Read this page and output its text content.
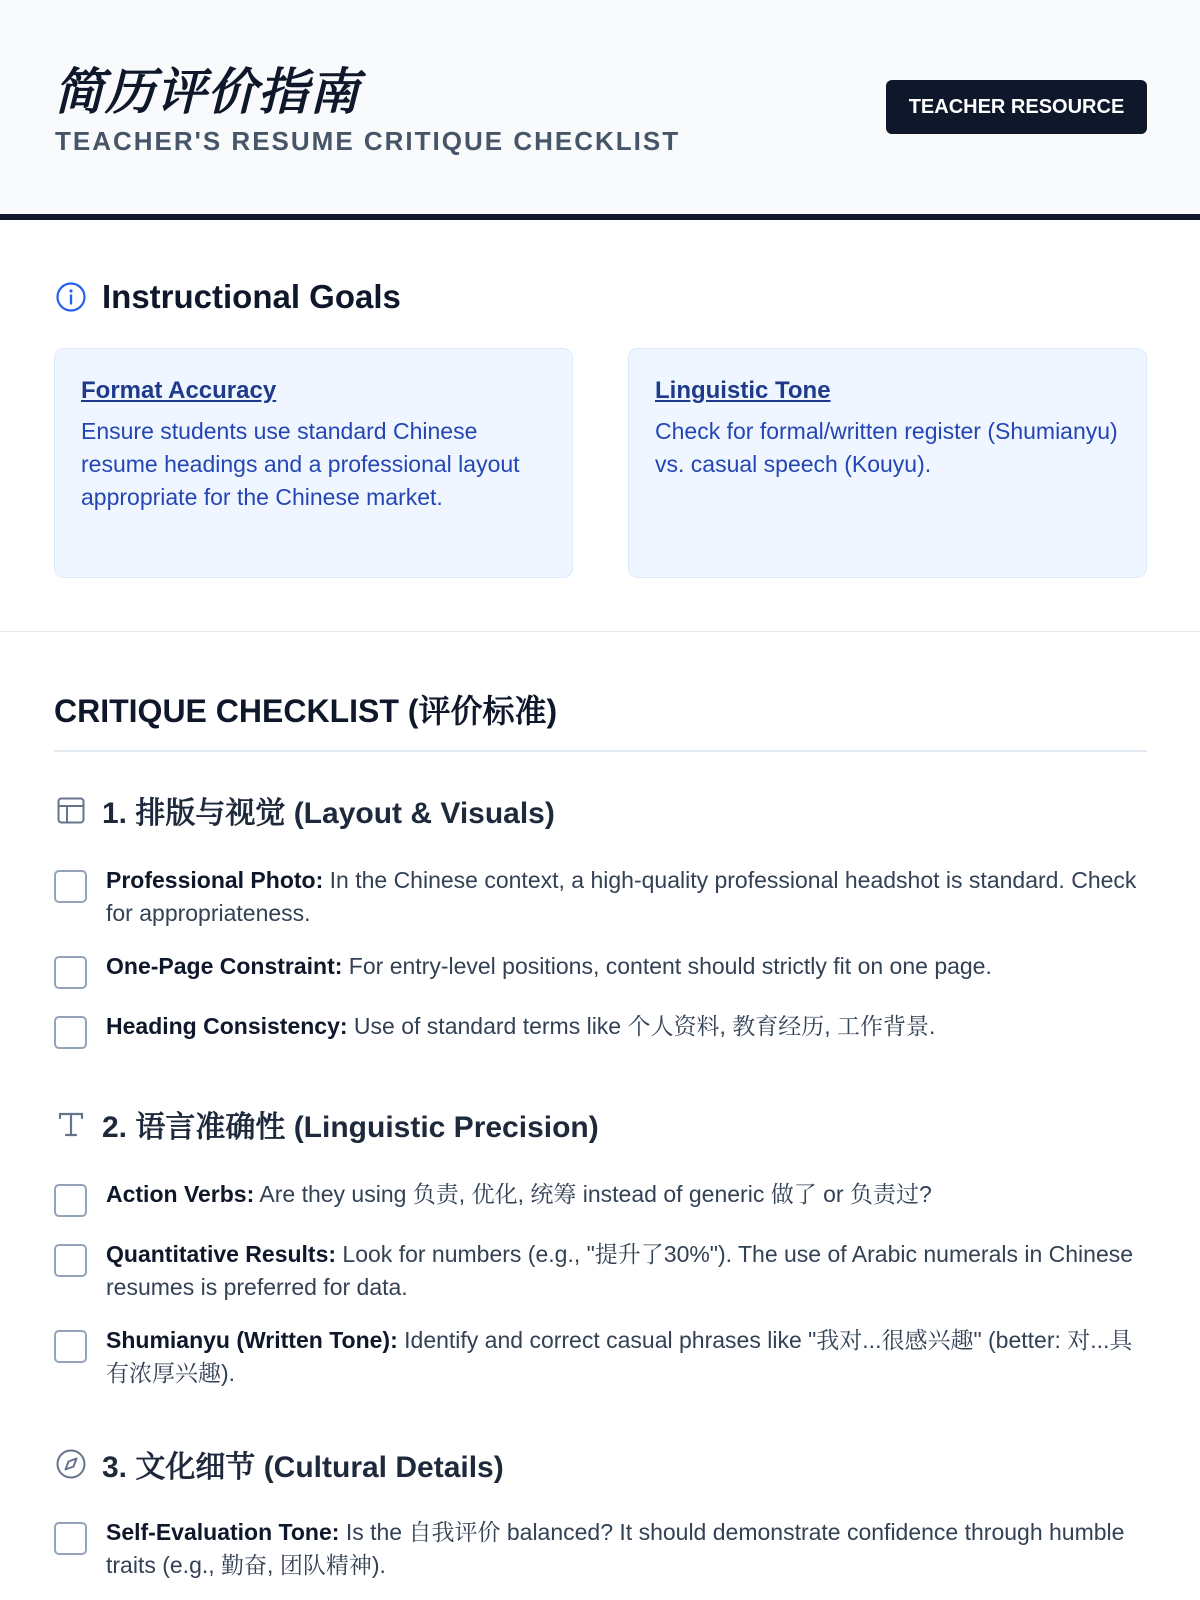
简历评价指南
TEACHER'S RESUME CRITIQUE CHECKLIST
TEACHER RESOURCE
Instructional Goals
Format Accuracy
Ensure students use standard Chinese resume headings and a professional layout appropriate for the Chinese market.
Linguistic Tone
Check for formal/written register (Shumianyu) vs. casual speech (Kouyu).
CRITIQUE CHECKLIST (评价标准)
1. 排版与视觉 (Layout & Visuals)
Professional Photo: In the Chinese context, a high-quality professional headshot is standard. Check for appropriateness.
One-Page Constraint: For entry-level positions, content should strictly fit on one page.
Heading Consistency: Use of standard terms like 个人资料, 教育经历, 工作背景.
2. 语言准确性 (Linguistic Precision)
Action Verbs: Are they using 负责, 优化, 统筹 instead of generic 做了 or 负责过?
Quantitative Results: Look for numbers (e.g., "提升了30%"). The use of Arabic numerals in Chinese resumes is preferred for data.
Shumianyu (Written Tone): Identify and correct casual phrases like "我对...很感兴趣" (better: 对...具有浓厚兴趣).
3. 文化细节 (Cultural Details)
Self-Evaluation Tone: Is the 自我评价 balanced? It should demonstrate confidence through humble traits (e.g., 勤奋, 团队精神).
